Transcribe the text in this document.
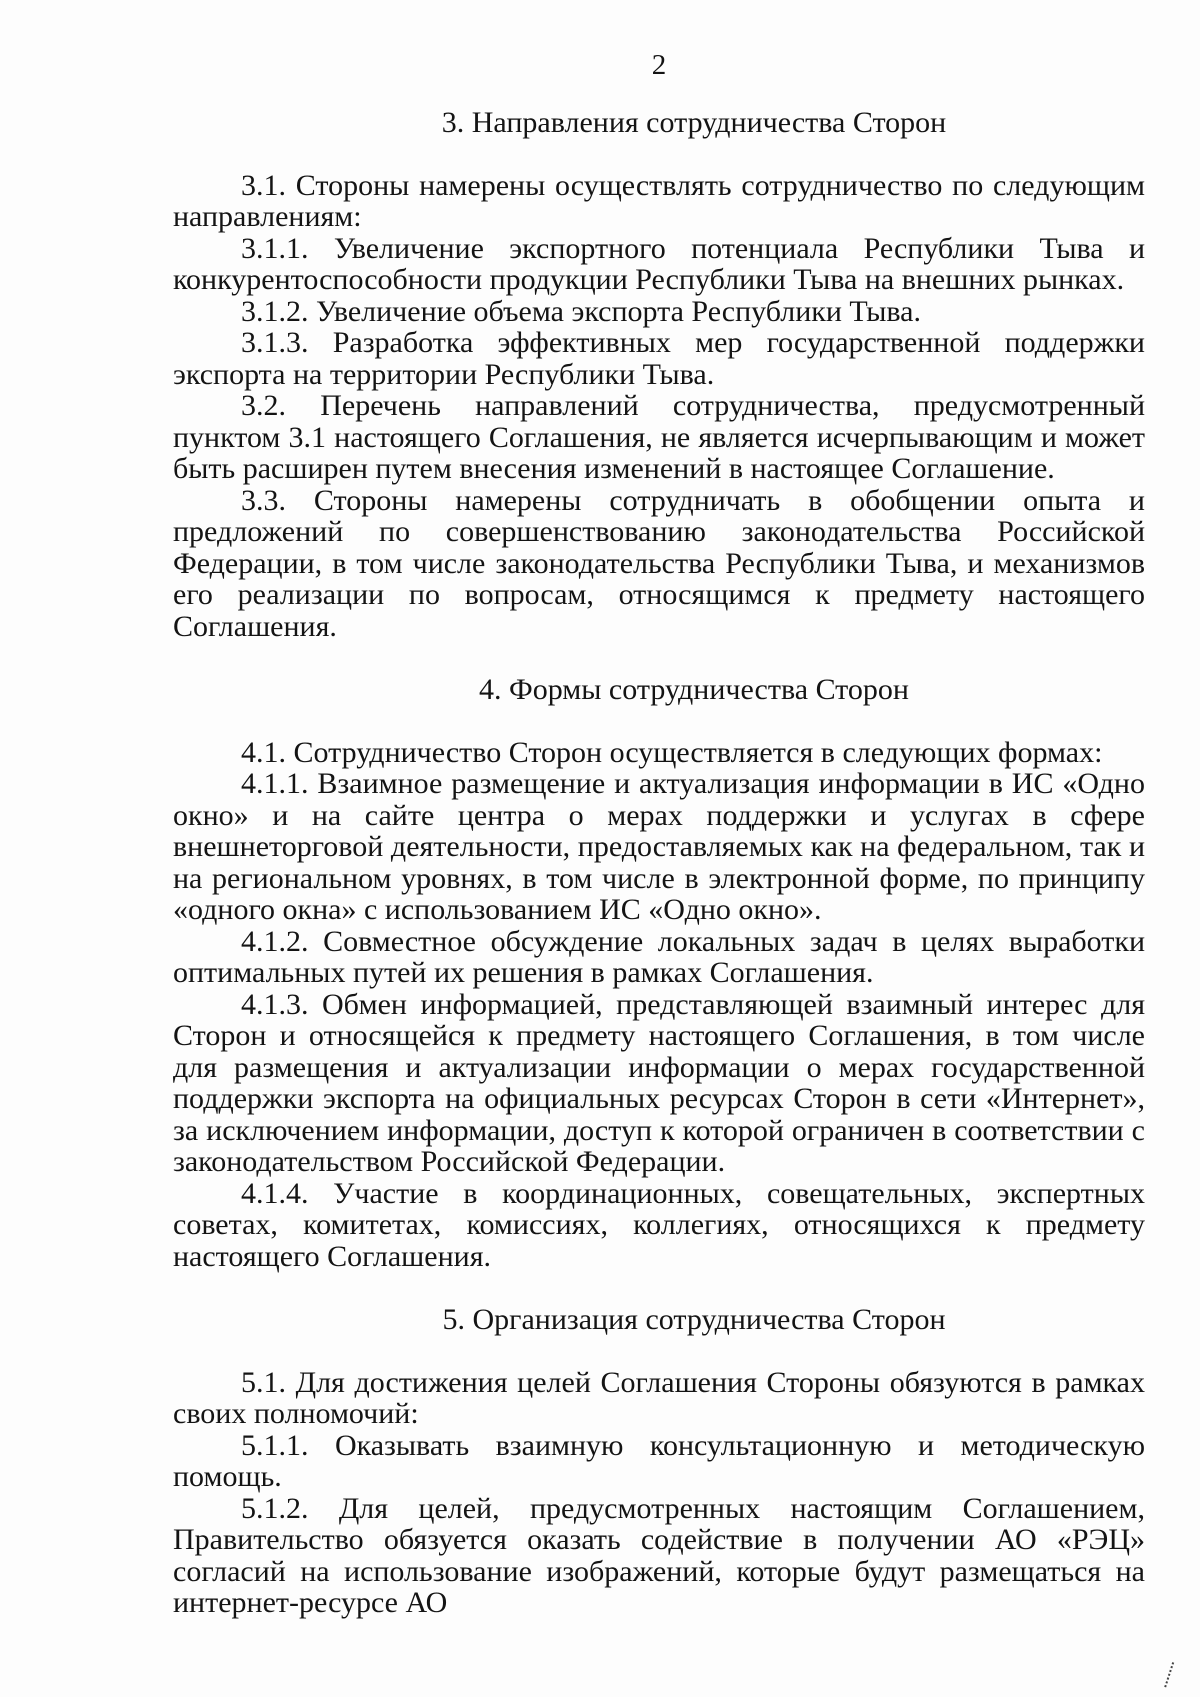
2
3. Направления сотрудничества Сторон

3.1. Стороны намерены осуществлять сотрудничество по следующим направлениям:

3.1.1. Увеличение экспортного потенциала Республики Тыва и конкурентоспособности продукции Республики Тыва на внешних рынках.

3.1.2. Увеличение объема экспорта Республики Тыва.

3.1.3. Разработка эффективных мер государственной поддержки экспорта на территории Республики Тыва.

3.2. Перечень направлений сотрудничества, предусмотренный пунктом 3.1 настоящего Соглашения, не является исчерпывающим и может быть расширен путем внесения изменений в настоящее Соглашение.

3.3. Стороны намерены сотрудничать в обобщении опыта и предложений по совершенствованию законодательства Российской Федерации, в том числе законодательства Республики Тыва, и механизмов его реализации по вопросам, относящимся к предмету настоящего Соглашения.

4. Формы сотрудничества Сторон

4.1. Сотрудничество Сторон осуществляется в следующих формах:

4.1.1. Взаимное размещение и актуализация информации в ИС «Одно окно» и на сайте центра о мерах поддержки и услугах в сфере внешнеторговой деятельности, предоставляемых как на федеральном, так и на региональном уровнях, в том числе в электронной форме, по принципу «одного окна» с использованием ИС «Одно окно».

4.1.2. Совместное обсуждение локальных задач в целях выработки оптимальных путей их решения в рамках Соглашения.

4.1.3. Обмен информацией, представляющей взаимный интерес для Сторон и относящейся к предмету настоящего Соглашения, в том числе для размещения и актуализации информации о мерах государственной поддержки экспорта на официальных ресурсах Сторон в сети «Интернет», за исключением информации, доступ к которой ограничен в соответствии с законодательством Российской Федерации.

4.1.4. Участие в координационных, совещательных, экспертных советах, комитетах, комиссиях, коллегиях, относящихся к предмету настоящего Соглашения.

5. Организация сотрудничества Сторон

5.1. Для достижения целей Соглашения Стороны обязуются в рамках своих полномочий:

5.1.1. Оказывать взаимную консультационную и методическую помощь.

5.1.2. Для целей, предусмотренных настоящим Соглашением, Правительство обязуется оказать содействие в получении АО «РЭЦ» согласий на использование изображений, которые будут размещаться на интернет-ресурсе АО
